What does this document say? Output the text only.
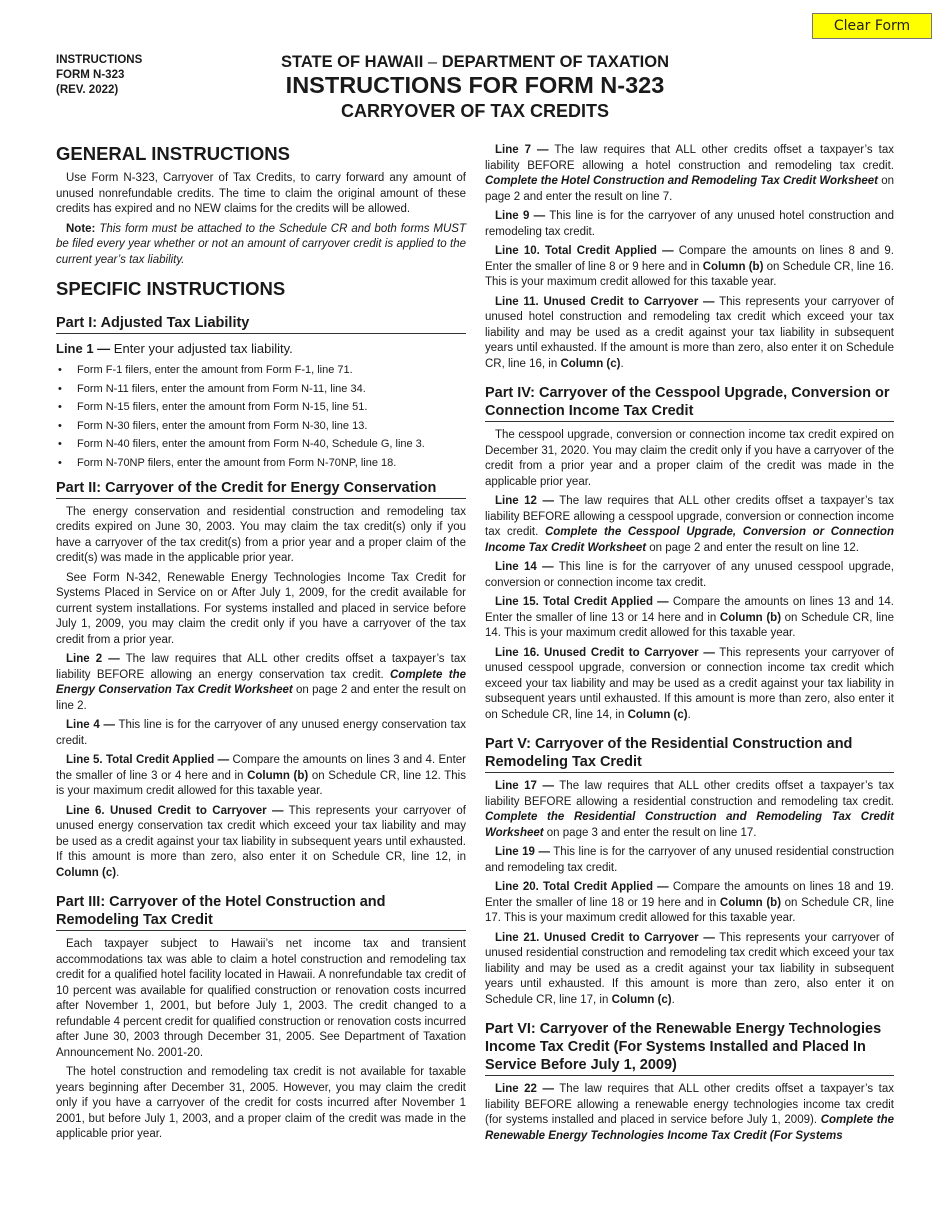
Clear Form
INSTRUCTIONS
FORM N-323
(REV. 2022)
STATE OF HAWAII – DEPARTMENT OF TAXATION
INSTRUCTIONS FOR FORM N-323
CARRYOVER OF TAX CREDITS
GENERAL INSTRUCTIONS

Use Form N-323, Carryover of Tax Credits, to carry forward any amount of unused nonrefundable credits. The time to claim the original amount of these credits has expired and no NEW claims for the credits will be allowed.

Note: This form must be attached to the Schedule CR and both forms MUST be filed every year whether or not an amount of carryover credit is applied to the current year’s tax liability.

SPECIFIC INSTRUCTIONS
Part I: Adjusted Tax Liability

Line 1 — Enter your adjusted tax liability.

• Form F-1 filers, enter the amount from Form F-1, line 71.
• Form N-11 filers, enter the amount from Form N-11, line 34.
• Form N-15 filers, enter the amount from Form N-15, line 51.
• Form N-30 filers, enter the amount from Form N-30, line 13.
• Form N-40 filers, enter the amount from Form N-40, Schedule G, line 3.
• Form N-70NP filers, enter the amount from Form N-70NP, line 18.
Part II: Carryover of the Credit for Energy Conservation

The energy conservation and residential construction and remodeling tax credits expired on June 30, 2003. You may claim the tax credit(s) only if you have a carryover of the tax credit(s) from a prior year and a proper claim of the credit(s) was made in the applicable prior year.

See Form N-342, Renewable Energy Technologies Income Tax Credit for Systems Placed in Service on or After July 1, 2009, for the credit available for current system installations. For systems installed and placed in service before July 1, 2009, you may claim the credit only if you have a carryover of the tax credit from a prior year.

Line 2 — The law requires that ALL other credits offset a taxpayer’s tax liability BEFORE allowing an energy conservation tax credit. Complete the Energy Conservation Tax Credit Worksheet on page 2 and enter the result on line 2.

Line 4 — This line is for the carryover of any unused energy conservation tax credit.

Line 5. Total Credit Applied — Compare the amounts on lines 3 and 4. Enter the smaller of line 3 or 4 here and in Column (b) on Schedule CR, line 12. This is your maximum credit allowed for this taxable year.

Line 6. Unused Credit to Carryover — This represents your carryover of unused energy conservation tax credit which exceed your tax liability and may be used as a credit against your tax liability in subsequent years until exhausted. If this amount is more than zero, also enter it on Schedule CR, line 12, in Column (c).

Part III: Carryover of the Hotel Construction and Remodeling Tax Credit

Each taxpayer subject to Hawaii’s net income tax and transient accommodations tax was able to claim a hotel construction and remodeling tax credit for a qualified hotel facility located in Hawaii. A nonrefundable tax credit of 10 percent was available for qualified construction or renovation costs incurred after November 1, 2001, but before July 1, 2003. The credit changed to a refundable 4 percent credit for qualified construction or renovation costs incurred after June 30, 2003 through December 31, 2005. See Department of Taxation Announcement No. 2001-20.

The hotel construction and remodeling tax credit is not available for taxable years beginning after December 31, 2005. However, you may claim the credit only if you have a carryover of the credit for costs incurred after November 1 2001, but before July 1, 2003, and a proper claim of the credit was made in the applicable prior year.

Line 7 — The law requires that ALL other credits offset a taxpayer’s tax liability BEFORE allowing a hotel construction and remodeling tax credit. Complete the Hotel Construction and Remodeling Tax Credit Worksheet on page 2 and enter the result on line 7.

Line 9 — This line is for the carryover of any unused hotel construction and remodeling tax credit.

Line 10. Total Credit Applied — Compare the amounts on lines 8 and 9. Enter the smaller of line 8 or 9 here and in Column (b) on Schedule CR, line 16. This is your maximum credit allowed for this taxable year.

Line 11. Unused Credit to Carryover — This represents your carryover of unused hotel construction and remodeling tax credit which exceed your tax liability and may be used as a credit against your tax liability in subsequent years until exhausted. If the amount is more than zero, also enter it on Schedule CR, line 16, in Column (c).

Part IV: Carryover of the Cesspool Upgrade, Conversion or Connection Income Tax Credit

The cesspool upgrade, conversion or connection income tax credit expired on December 31, 2020. You may claim the credit only if you have a carryover of the credit from a prior year and a proper claim of the credit was made in the applicable prior year.

Line 12 — The law requires that ALL other credits offset a taxpayer’s tax liability BEFORE allowing a cesspool upgrade, conversion or connection income tax credit. Complete the Cesspool Upgrade, Conversion or Connection Income Tax Credit Worksheet on page 2 and enter the result on line 12.

Line 14 — This line is for the carryover of any unused cesspool upgrade, conversion or connection income tax credit.

Line 15. Total Credit Applied — Compare the amounts on lines 13 and 14. Enter the smaller of line 13 or 14 here and in Column (b) on Schedule CR, line 14. This is your maximum credit allowed for this taxable year.

Line 16. Unused Credit to Carryover — This represents your carryover of unused cesspool upgrade, conversion or connection income tax credit which exceed your tax liability and may be used as a credit against your tax liability in subsequent years until exhausted. If this amount is more than zero, also enter it on Schedule CR, line 14, in Column (c).

Part V: Carryover of the Residential Construction and Remodeling Tax Credit

Line 17 — The law requires that ALL other credits offset a taxpayer’s tax liability BEFORE allowing a residential construction and remodeling tax credit. Complete the Residential Construction and Remodeling Tax Credit Worksheet on page 3 and enter the result on line 17.

Line 19 — This line is for the carryover of any unused residential construction and remodeling tax credit.

Line 20. Total Credit Applied — Compare the amounts on lines 18 and 19. Enter the smaller of line 18 or 19 here and in Column (b) on Schedule CR, line 17. This is your maximum credit allowed for this taxable year.

Line 21. Unused Credit to Carryover — This represents your carryover of unused residential construction and remodeling tax credit which exceed your tax liability and may be used as a credit against your tax liability in subsequent years until exhausted. If this amount is more than zero, also enter it on Schedule CR, line 17, in Column (c).

Part VI: Carryover of the Renewable Energy Technologies Income Tax Credit (For Systems Installed and Placed In Service Before July 1, 2009)

Line 22 — The law requires that ALL other credits offset a taxpayer’s tax liability BEFORE allowing a renewable energy technologies income tax credit (for systems installed and placed in service before July 1, 2009). Complete the Renewable Energy Technologies Income Tax Credit (For Systems
